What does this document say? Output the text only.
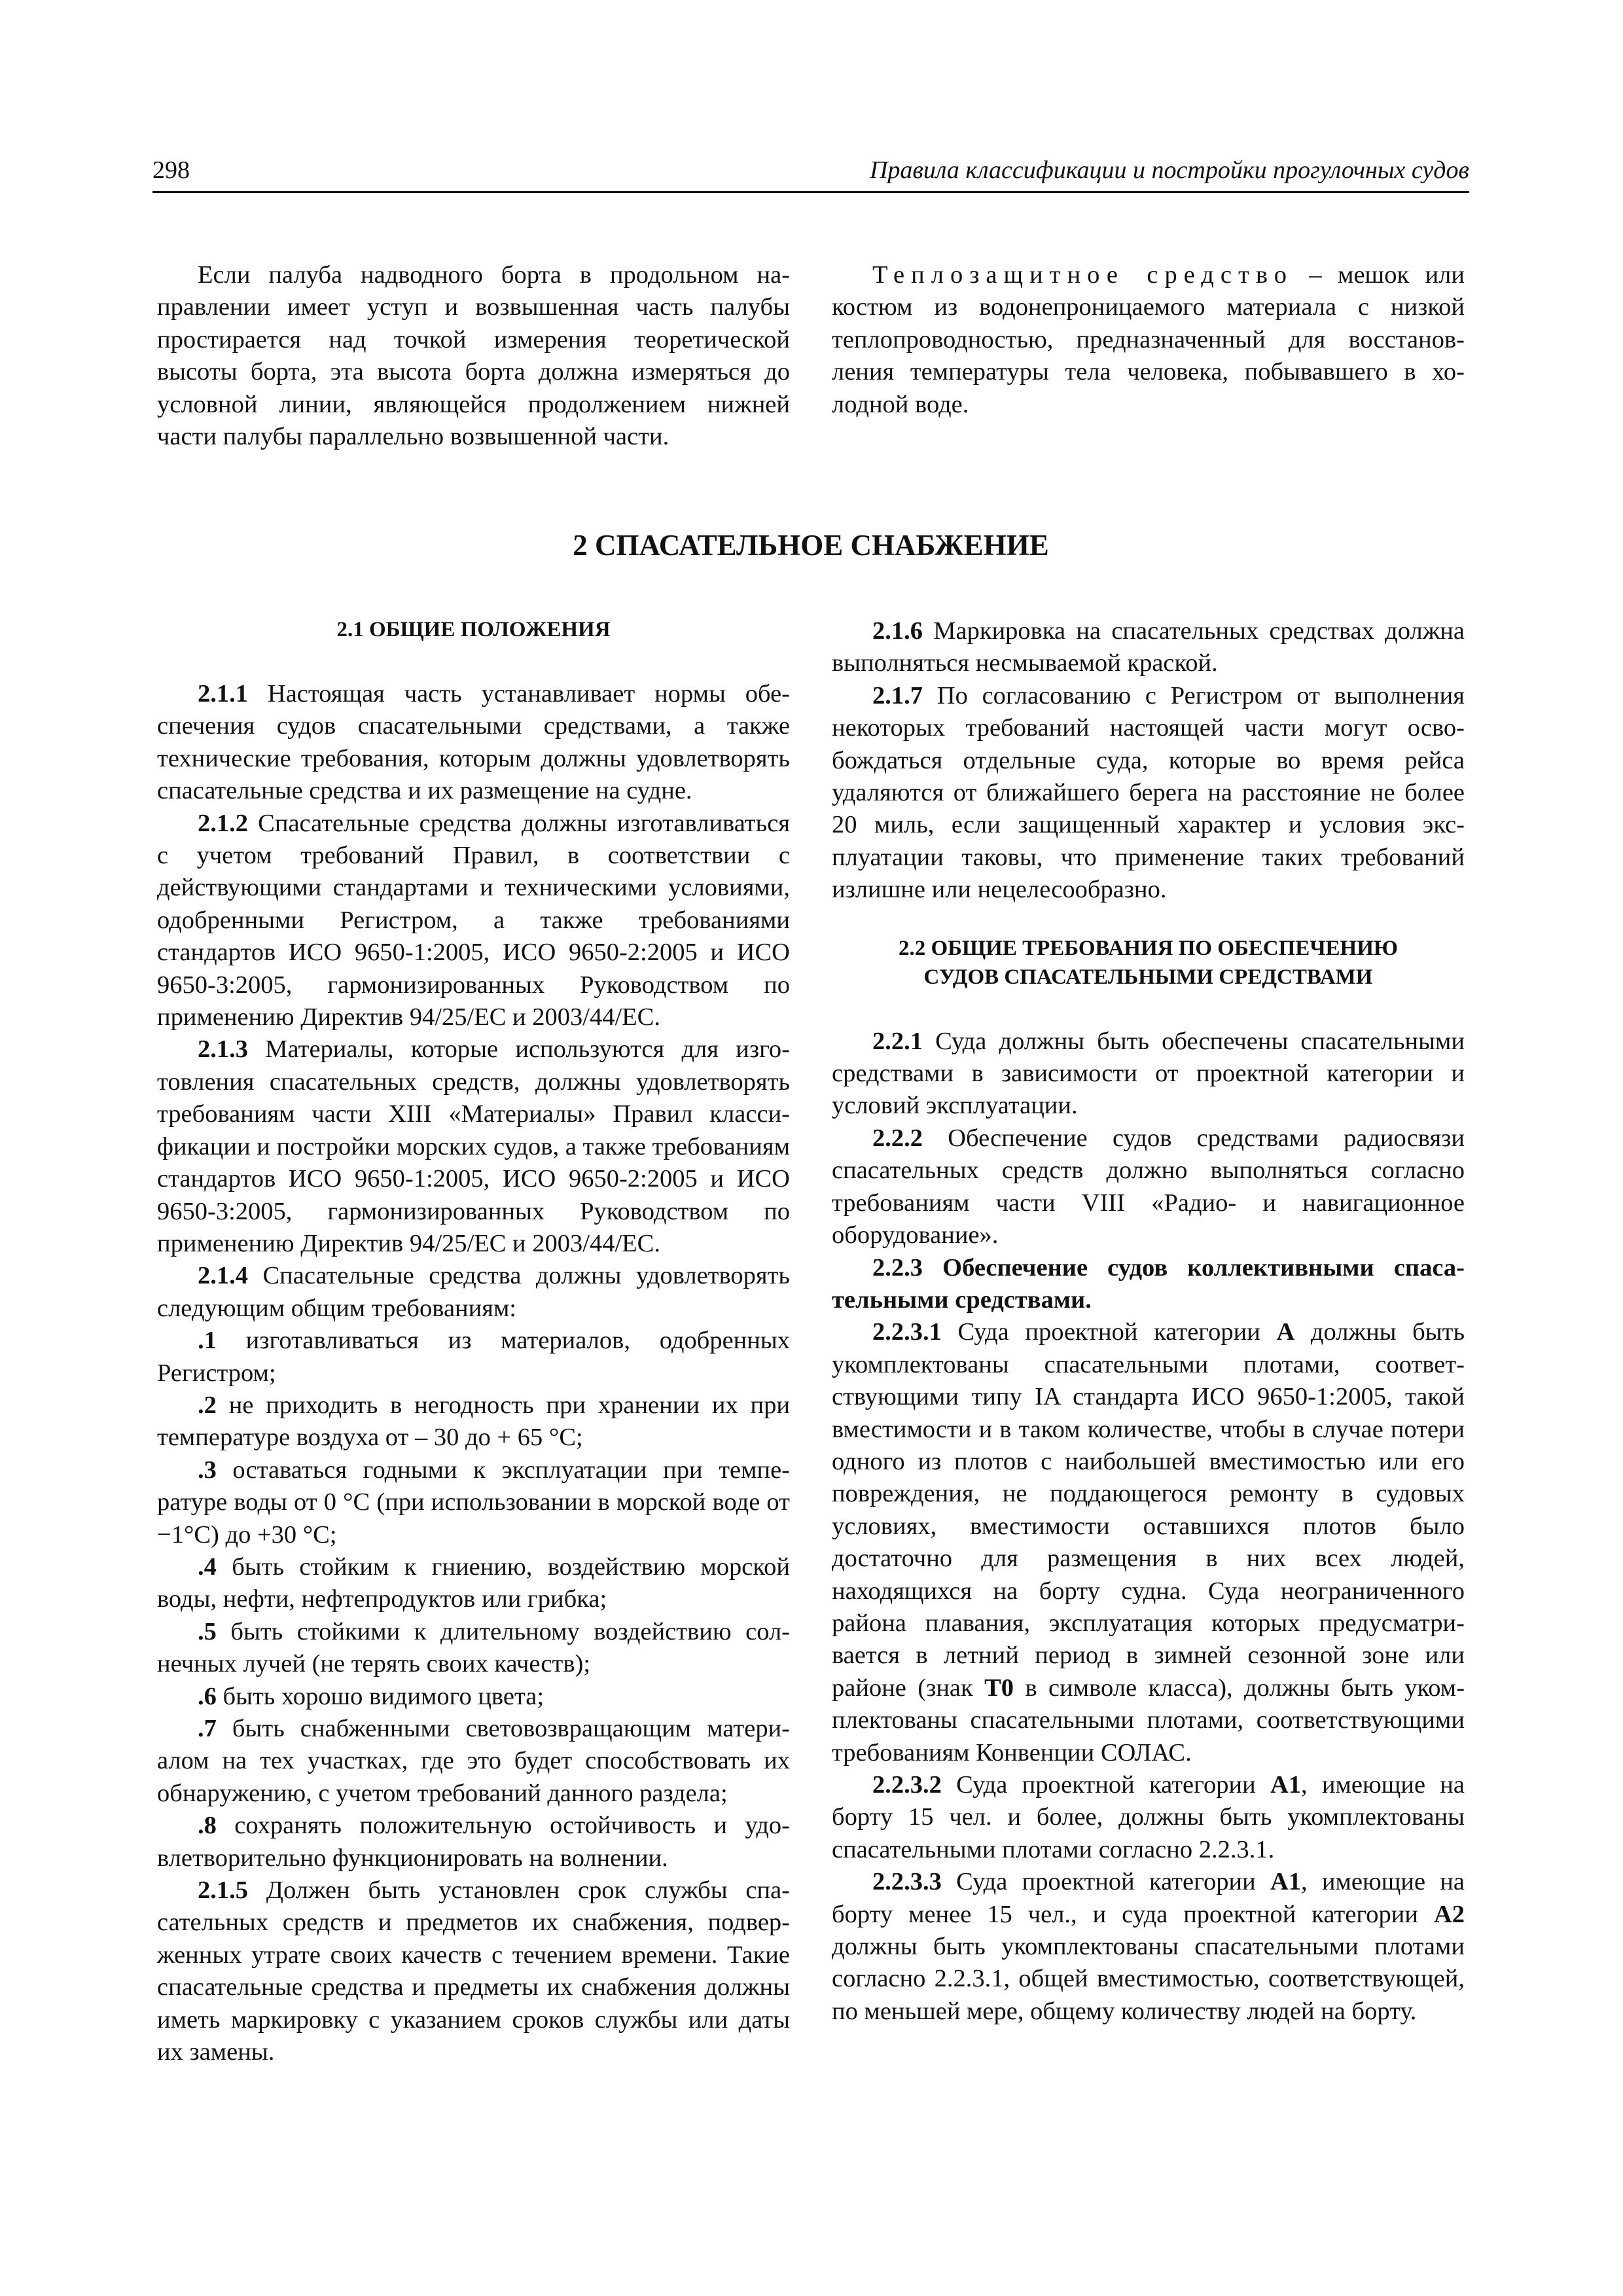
298	Правила классификации и постройки прогулочных судов

Если палуба надводного борта в продольном направлении имеет уступ и возвышенная часть палубы простирается над точкой измерения теоретической высоты борта, эта высота борта должна измеряться до условной линии, являющейся продолжением нижней части палубы параллельно возвышенной части.

Теплозащитное средство – мешок или костюм из водонепроницаемого материала с низкой теплопроводностью, предназначенный для восстановления температуры тела человека, побывавшего в холодной воде.

2 СПАСАТЕЛЬНОЕ СНАБЖЕНИЕ

2.1 ОБЩИЕ ПОЛОЖЕНИЯ

2.1.1 Настоящая часть устанавливает нормы обеспечения судов спасательными средствами, а также технические требования, которым должны удовлетворять спасательные средства и их размещение на судне.

2.1.2 Спасательные средства должны изготавливаться с учетом требований Правил, в соответствии с действующими стандартами и техническими условиями, одобренными Регистром, а также требованиями стандартов ИСО 9650-1:2005, ИСО 9650-2:2005 и ИСО 9650-3:2005, гармонизированных Руководством по применению Директив 94/25/ЕС и 2003/44/ЕС.

2.1.3 Материалы, которые используются для изготовления спасательных средств, должны удовлетворять требованиям части XIII «Материалы» Правил классификации и постройки морских судов, а также требованиям стандартов ИСО 9650-1:2005, ИСО 9650-2:2005 и ИСО 9650-3:2005, гармонизированных Руководством по применению Директив 94/25/ЕС и 2003/44/ЕС.

2.1.4 Спасательные средства должны удовлетворять следующим общим требованиям:

.1 изготавливаться из материалов, одобренных Регистром;

.2 не приходить в негодность при хранении их при температуре воздуха от – 30 до + 65 °С;

.3 оставаться годными к эксплуатации при температуре воды от 0 °С (при использовании в морской воде от −1°С) до +30 °С;

.4 быть стойким к гниению, воздействию морской воды, нефти, нефтепродуктов или грибка;

.5 быть стойкими к длительному воздействию солнечных лучей (не терять своих качеств);

.6 быть хорошо видимого цвета;

.7 быть снабженными световозвращающим материалом на тех участках, где это будет способствовать их обнаружению, с учетом требований данного раздела;

.8 сохранять положительную остойчивость и удовлетворительно функционировать на волнении.

2.1.5 Должен быть установлен срок службы спасательных средств и предметов их снабжения, подверженных утрате своих качеств с течением времени. Такие спасательные средства и предметы их снабжения должны иметь маркировку с указанием сроков службы или даты их замены.

2.1.6 Маркировка на спасательных средствах должна выполняться несмываемой краской.

2.1.7 По согласованию с Регистром от выполнения некоторых требований настоящей части могут освобождаться отдельные суда, которые во время рейса удаляются от ближайшего берега на расстояние не более 20 миль, если защищенный характер и условия эксплуатации таковы, что применение таких требований излишне или нецелесообразно.

2.2 ОБЩИЕ ТРЕБОВАНИЯ ПО ОБЕСПЕЧЕНИЮ
СУДОВ СПАСАТЕЛЬНЫМИ СРЕДСТВАМИ

2.2.1 Суда должны быть обеспечены спасательными средствами в зависимости от проектной категории и условий эксплуатации.

2.2.2 Обеспечение судов средствами радиосвязи спасательных средств должно выполняться согласно требованиям части VIII «Радио- и навигационное оборудование».

2.2.3 Обеспечение судов коллективными спасательными средствами.

2.2.3.1 Суда проектной категории A должны быть укомплектованы спасательными плотами, соответствующими типу IA стандарта ИСО 9650-1:2005, такой вместимости и в таком количестве, чтобы в случае потери одного из плотов с наибольшей вместимостью или его повреждения, не поддающегося ремонту в судовых условиях, вместимости оставшихся плотов было достаточно для размещения в них всех людей, находящихся на борту судна. Суда неограниченного района плавания, эксплуатация которых предусматривается в летний период в зимней сезонной зоне или районе (знак Т0 в символе класса), должны быть укомплектованы спасательными плотами, соответствующими требованиям Конвенции СОЛАС.

2.2.3.2 Суда проектной категории A1, имеющие на борту 15 чел. и более, должны быть укомплектованы спасательными плотами согласно 2.2.3.1.

2.2.3.3 Суда проектной категории A1, имеющие на борту менее 15 чел., и суда проектной категории A2 должны быть укомплектованы спасательными плотами согласно 2.2.3.1, общей вместимостью, соответствующей, по меньшей мере, общему количеству людей на борту.
